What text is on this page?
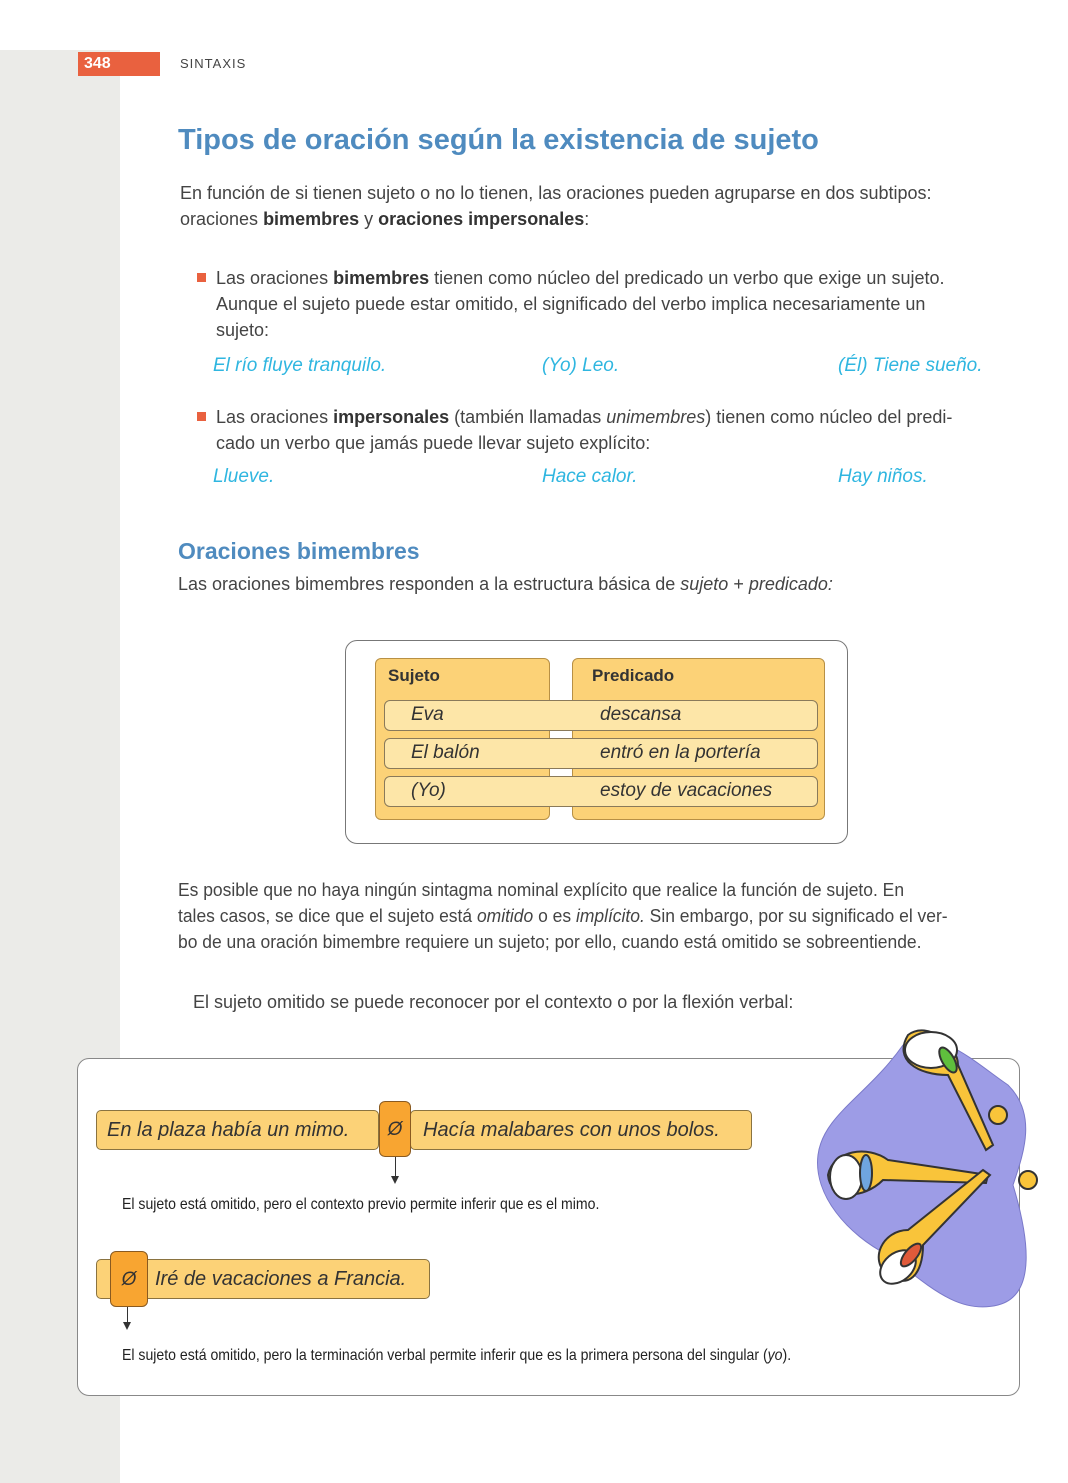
348	SINTAXIS
Tipos de oración según la existencia de sujeto

En función de si tienen sujeto o no lo tienen, las oraciones pueden agruparse en dos subtipos:
oraciones bimembres y oraciones impersonales:

Las oraciones bimembres tienen como núcleo del predicado un verbo que exige un sujeto.
Aunque el sujeto puede estar omitido, el significado del verbo implica necesariamente un
sujeto:

El río fluye tranquilo.	(Yo) Leo.	(Él) Tiene sueño.

Las oraciones impersonales (también llamadas unimembres) tienen como núcleo del predi-
cado un verbo que jamás puede llevar sujeto explícito:

Llueve.	Hace calor.	Hay niños.
Oraciones bimembres

Las oraciones bimembres responden a la estructura básica de sujeto + predicado:

Sujeto	Predicado
Eva	descansa
El balón	entró en la portería
(Yo)	estoy de vacaciones

Es posible que no haya ningún sintagma nominal explícito que realice la función de sujeto. En
tales casos, se dice que el sujeto está omitido o es implícito. Sin embargo, por su significado el ver-
bo de una oración bimembre requiere un sujeto; por ello, cuando está omitido se sobreentiende.

El sujeto omitido se puede reconocer por el contexto o por la flexión verbal:

En la plaza había un mimo.	Hacía malabares con unos bolos.
Ø
El sujeto está omitido, pero el contexto previo permite inferir que es el mimo.
Iré de vacaciones a Francia.
Ø
El sujeto está omitido, pero la terminación verbal permite inferir que es la primera persona del singular (yo).
